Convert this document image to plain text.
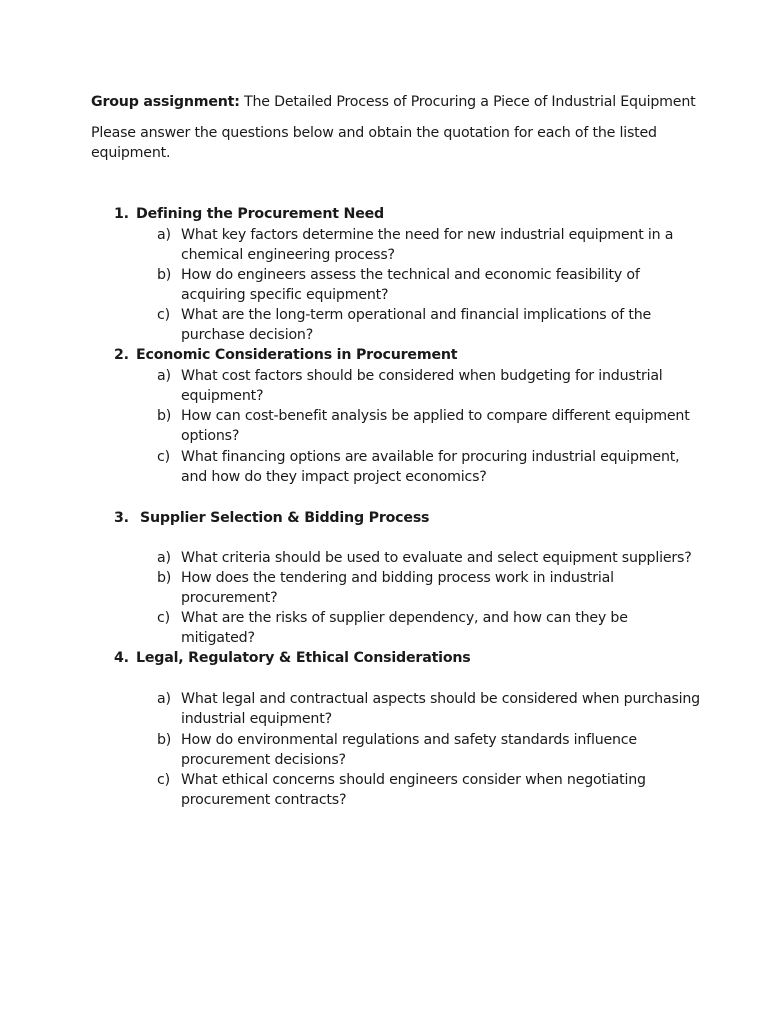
Group assignment: The Detailed Process of Procuring a Piece of Industrial Equipment
Please answer the questions below and obtain the quotation for each of the listed
equipment.
1. Defining the Procurement Need
a) What key factors determine the need for new industrial equipment in a
chemical engineering process?
b) How do engineers assess the technical and economic feasibility of
acquiring specific equipment?
c) What are the long-term operational and financial implications of the
purchase decision?
2. Economic Considerations in Procurement
a) What cost factors should be considered when budgeting for industrial
equipment?
b) How can cost-benefit analysis be applied to compare different equipment
options?
c) What financing options are available for procuring industrial equipment,
and how do they impact project economics?
3. Supplier Selection & Bidding Process
a) What criteria should be used to evaluate and select equipment suppliers?
b) How does the tendering and bidding process work in industrial
procurement?
c) What are the risks of supplier dependency, and how can they be
mitigated?
4. Legal, Regulatory & Ethical Considerations
a) What legal and contractual aspects should be considered when purchasing
industrial equipment?
b) How do environmental regulations and safety standards influence
procurement decisions?
c) What ethical concerns should engineers consider when negotiating
procurement contracts?
